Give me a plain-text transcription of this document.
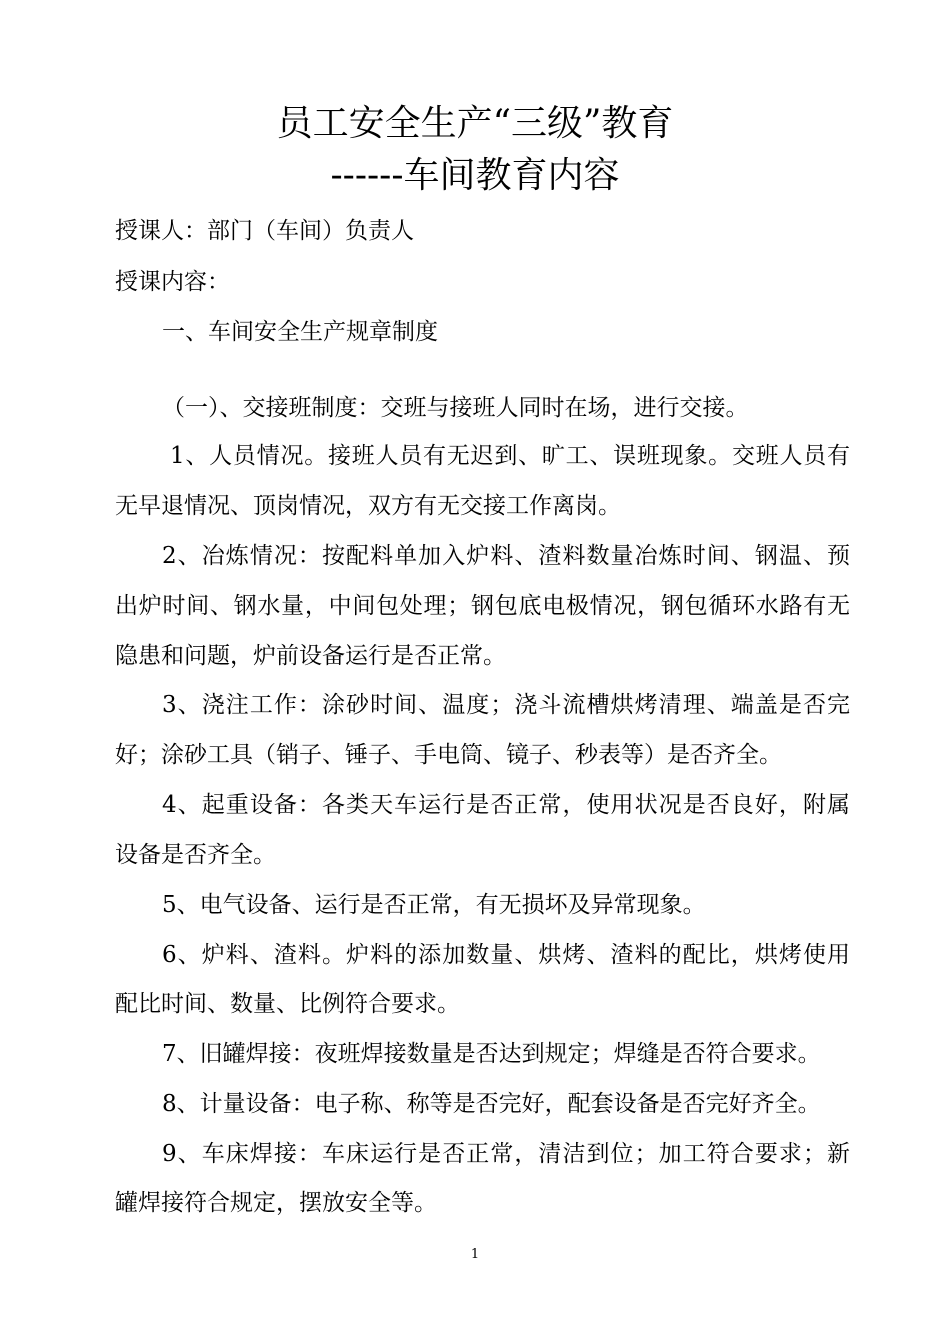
员工安全生产“三级”教育
------车间教育内容
授课人：部门（车间）负责人
授课内容：
一、车间安全生产规章制度
（一）、交接班制度：交班与接班人同时在场，进行交接。
1、人员情况。接班人员有无迟到、旷工、误班现象。交班人员有
无早退情况、顶岗情况，双方有无交接工作离岗。
2、冶炼情况：按配料单加入炉料、渣料数量冶炼时间、钢温、预
出炉时间、钢水量，中间包处理；钢包底电极情况，钢包循环水路有无
隐患和问题，炉前设备运行是否正常。
3、浇注工作：涂砂时间、温度；浇斗流槽烘烤清理、端盖是否完
好；涂砂工具（销子、锤子、手电筒、镜子、秒表等）是否齐全。
4、起重设备：各类天车运行是否正常，使用状况是否良好，附属
设备是否齐全。
5、电气设备、运行是否正常，有无损坏及异常现象。
6、炉料、渣料。炉料的添加数量、烘烤、渣料的配比，烘烤使用
配比时间、数量、比例符合要求。
7、旧罐焊接：夜班焊接数量是否达到规定；焊缝是否符合要求。
8、计量设备：电子称、称等是否完好，配套设备是否完好齐全。
9、车床焊接：车床运行是否正常，清洁到位；加工符合要求；新
罐焊接符合规定，摆放安全等。
1
